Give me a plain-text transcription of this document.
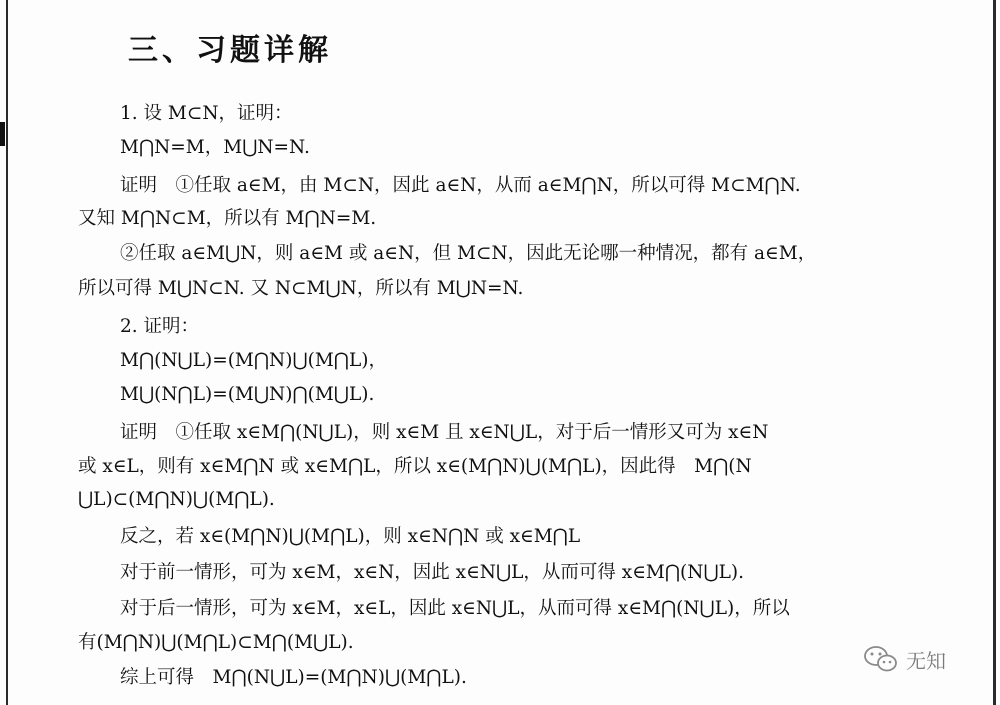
三、习题详解
1. 设 M⊂N，证明：
M⋂N=M，M⋃N=N.
证明　①任取 a∈M，由 M⊂N，因此 a∈N，从而 a∈M⋂N，所以可得 M⊂M⋂N.
又知 M⋂N⊂M，所以有 M⋂N=M.
②任取 a∈M⋃N，则 a∈M 或 a∈N，但 M⊂N，因此无论哪一种情况，都有 a∈M，
所以可得 M⋃N⊂N. 又 N⊂M⋃N，所以有 M⋃N=N.
2. 证明：
M⋂(N⋃L)=(M⋂N)⋃(M⋂L)，
M⋃(N⋂L)=(M⋃N)⋂(M⋃L).
证明　①任取 x∈M⋂(N⋃L)，则 x∈M 且 x∈N⋃L，对于后一情形又可为 x∈N
或 x∈L，则有 x∈M⋂N 或 x∈M⋂L，所以 x∈(M⋂N)⋃(M⋂L)，因此得　M⋂(N
⋃L)⊂(M⋂N)⋃(M⋂L).
反之，若 x∈(M⋂N)⋃(M⋂L)，则 x∈N⋂N 或 x∈M⋂L
对于前一情形，可为 x∈M，x∈N，因此 x∈N⋃L，从而可得 x∈M⋂(N⋃L).
对于后一情形，可为 x∈M，x∈L，因此 x∈N⋃L，从而可得 x∈M⋂(N⋃L)，所以
有(M⋂N)⋃(M⋂L)⊂M⋂(M⋃L).
综上可得　M⋂(N⋃L)=(M⋂N)⋃(M⋂L).
无知
